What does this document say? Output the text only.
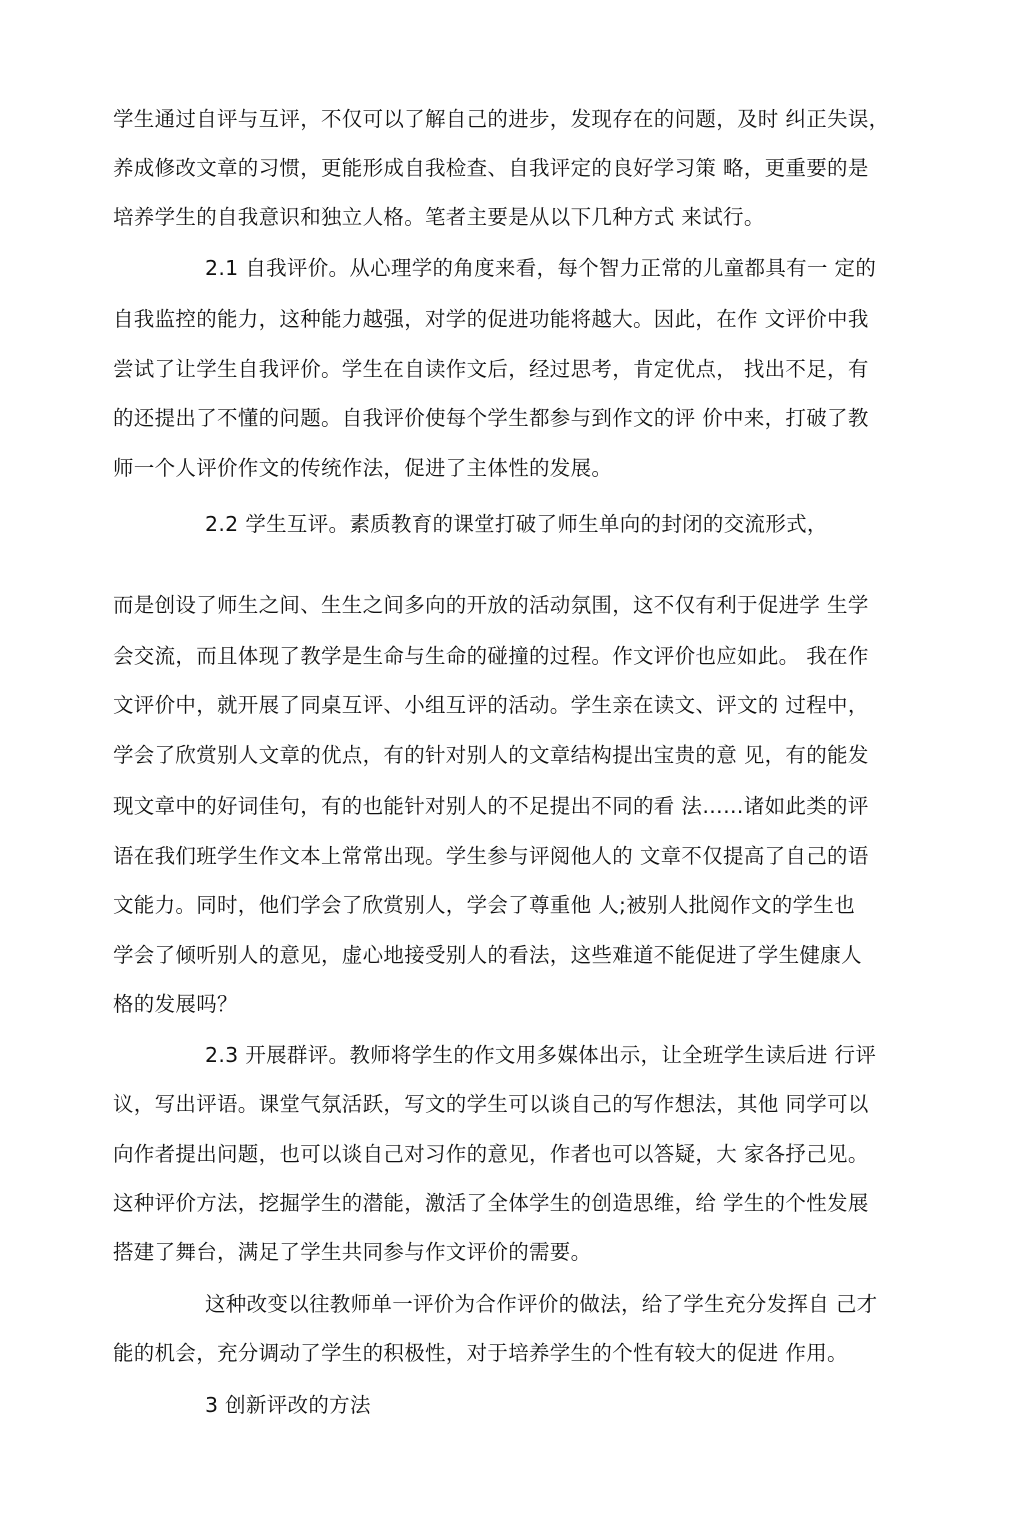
学生通过自评与互评，不仅可以了解自己的进步，发现存在的问题，及时 纠正失误，
养成修改文章的习惯，更能形成自我检查、自我评定的良好学习策 略，更重要的是
培养学生的自我意识和独立人格。笔者主要是从以下几种方式 来试行。
2.1 自我评价。从心理学的角度来看，每个智力正常的儿童都具有一 定的
自我监控的能力，这种能力越强，对学的促进功能将越大。因此，在作 文评价中我
尝试了让学生自我评价。学生在自读作文后，经过思考，肯定优点， 找出不足，有
的还提出了不懂的问题。自我评价使每个学生都参与到作文的评 价中来，打破了教
师一个人评价作文的传统作法，促进了主体性的发展。
2.2 学生互评。素质教育的课堂打破了师生单向的封闭的交流形式，
而是创设了师生之间、生生之间多向的开放的活动氛围，这不仅有利于促进学 生学
会交流，而且体现了教学是生命与生命的碰撞的过程。作文评价也应如此。 我在作
文评价中，就开展了同桌互评、小组互评的活动。学生亲在读文、评文的 过程中，
学会了欣赏别人文章的优点，有的针对别人的文章结构提出宝贵的意 见，有的能发
现文章中的好词佳句，有的也能针对别人的不足提出不同的看 法……诸如此类的评
语在我们班学生作文本上常常出现。学生参与评阅他人的 文章不仅提高了自己的语
文能力。同时，他们学会了欣赏别人，学会了尊重他 人;被别人批阅作文的学生也
学会了倾听别人的意见，虚心地接受别人的看法，这些难道不能促进了学生健康人
格的发展吗？
2.3 开展群评。教师将学生的作文用多媒体出示，让全班学生读后进 行评
议，写出评语。课堂气氛活跃，写文的学生可以谈自己的写作想法，其他 同学可以
向作者提出问题，也可以谈自己对习作的意见，作者也可以答疑，大 家各抒己见。
这种评价方法，挖掘学生的潜能，激活了全体学生的创造思维，给 学生的个性发展
搭建了舞台，满足了学生共同参与作文评价的需要。
这种改变以往教师单一评价为合作评价的做法，给了学生充分发挥自 己才
能的机会，充分调动了学生的积极性，对于培养学生的个性有较大的促进 作用。
3 创新评改的方法
